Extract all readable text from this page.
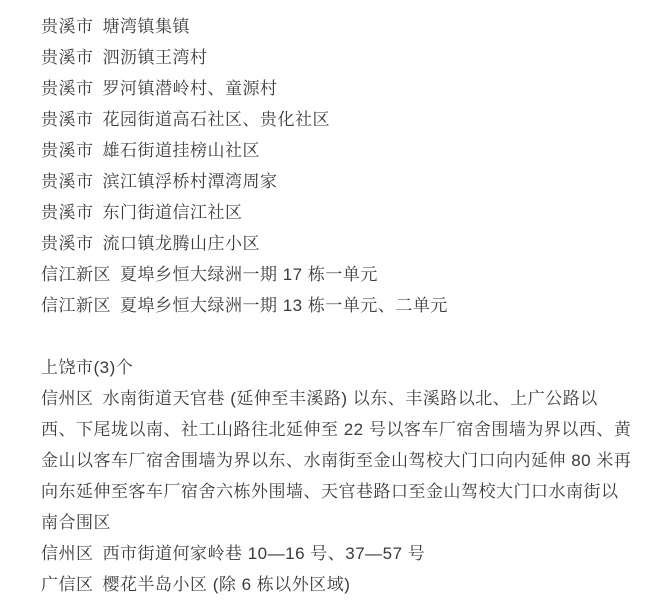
贵溪市 塘湾镇集镇
贵溪市 泗沥镇王湾村
贵溪市 罗河镇潜岭村、童源村
贵溪市 花园街道高石社区、贵化社区
贵溪市 雄石街道挂榜山社区
贵溪市 滨江镇浮桥村潭湾周家
贵溪市 东门街道信江社区
贵溪市 流口镇龙腾山庄小区
信江新区 夏埠乡恒大绿洲一期 17 栋一单元
信江新区 夏埠乡恒大绿洲一期 13 栋一单元、二单元
上饶市(3)个
信州区 水南街道天官巷 (延伸至丰溪路) 以东、丰溪路以北、上广公路以西、下尾垅以南、社工山路往北延伸至 22 号以客车厂宿舍围墙为界以西、黄金山以客车厂宿舍围墙为界以东、水南街至金山驾校大门口向内延伸 80 米再向东延伸至客车厂宿舍六栋外围墙、天官巷路口至金山驾校大门口水南街以南合围区
信州区 西市街道何家岭巷 10—16 号、37—57 号
广信区 樱花半岛小区 (除 6 栋以外区域)
